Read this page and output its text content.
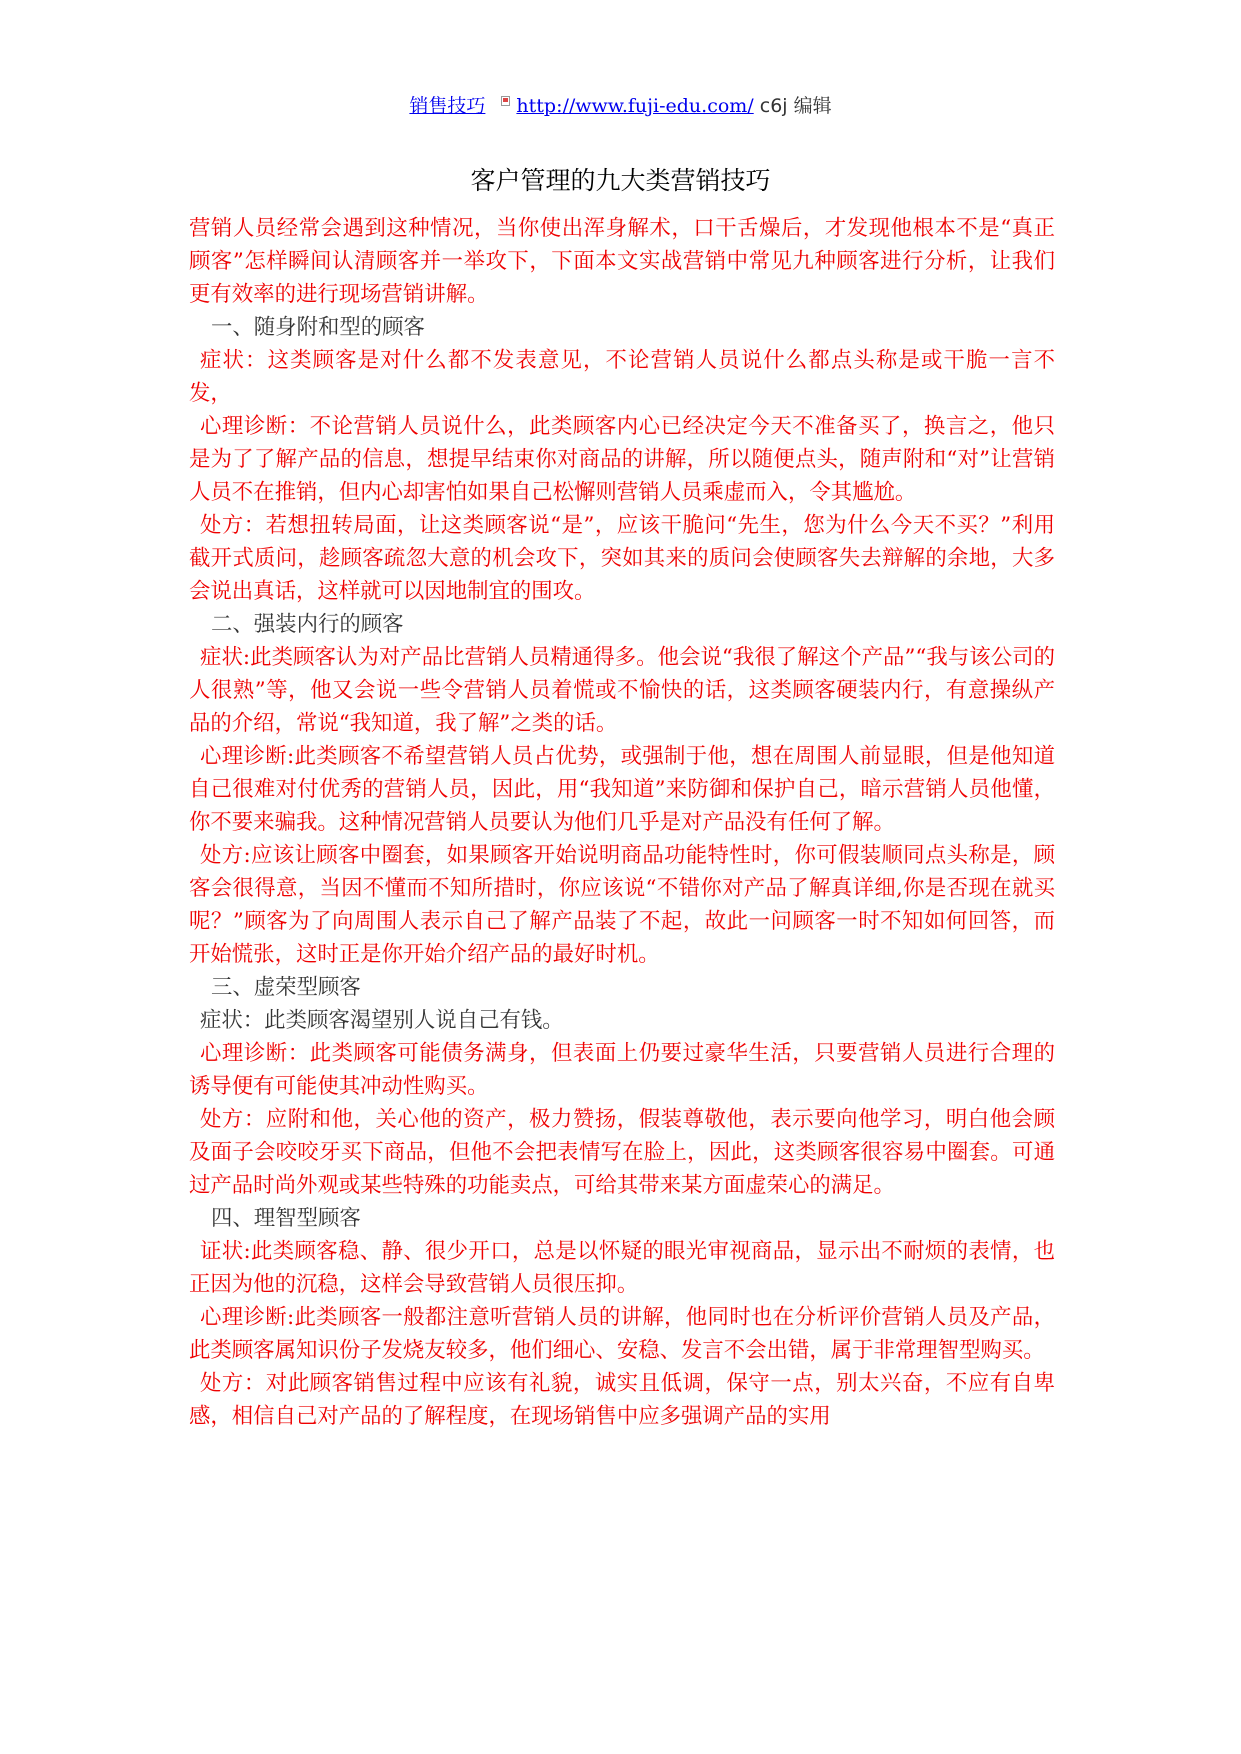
销售技巧 http://www.fuji-edu.com/ c6j 编辑
客户管理的九大类营销技巧

营销人员经常会遇到这种情况，当你使出浑身解术，口干舌燥后，才发现他根本不是“真正顾客”怎样瞬间认清顾客并一举攻下，下面本文实战营销中常见九种顾客进行分析，让我们更有效率的进行现场营销讲解。

一、随身附和型的顾客

症状：这类顾客是对什么都不发表意见，不论营销人员说什么都点头称是或干脆一言不发，

心理诊断：不论营销人员说什么，此类顾客内心已经决定今天不准备买了，换言之，他只是为了了解产品的信息，想提早结束你对商品的讲解，所以随便点头，随声附和“对”让营销人员不在推销，但内心却害怕如果自己松懈则营销人员乘虚而入，令其尴尬。

处方：若想扭转局面，让这类顾客说“是”，应该干脆问“先生，您为什么今天不买？”利用截开式质问，趁顾客疏忽大意的机会攻下，突如其来的质问会使顾客失去辩解的余地，大多会说出真话，这样就可以因地制宜的围攻。

二、强装内行的顾客

症状:此类顾客认为对产品比营销人员精通得多。他会说“我很了解这个产品”“我与该公司的人很熟”等，他又会说一些令营销人员着慌或不愉快的话，这类顾客硬装内行，有意操纵产品的介绍，常说“我知道，我了解”之类的话。

心理诊断:此类顾客不希望营销人员占优势，或强制于他，想在周围人前显眼，但是他知道自己很难对付优秀的营销人员，因此，用“我知道”来防御和保护自己，暗示营销人员他懂，你不要来骗我。这种情况营销人员要认为他们几乎是对产品没有任何了解。

处方:应该让顾客中圈套，如果顾客开始说明商品功能特性时，你可假装顺同点头称是，顾客会很得意，当因不懂而不知所措时，你应该说“不错你对产品了解真详细,你是否现在就买呢？”顾客为了向周围人表示自己了解产品装了不起，故此一问顾客一时不知如何回答，而开始慌张，这时正是你开始介绍产品的最好时机。

三、虚荣型顾客

症状：此类顾客渴望别人说自己有钱。

心理诊断：此类顾客可能债务满身，但表面上仍要过豪华生活，只要营销人员进行合理的诱导便有可能使其冲动性购买。

处方：应附和他，关心他的资产，极力赞扬，假装尊敬他，表示要向他学习，明白他会顾及面子会咬咬牙买下商品，但他不会把表情写在脸上，因此，这类顾客很容易中圈套。可通过产品时尚外观或某些特殊的功能卖点，可给其带来某方面虚荣心的满足。

四、理智型顾客

证状:此类顾客稳、静、很少开口，总是以怀疑的眼光审视商品，显示出不耐烦的表情，也正因为他的沉稳，这样会导致营销人员很压抑。

心理诊断:此类顾客一般都注意听营销人员的讲解，他同时也在分析评价营销人员及产品，此类顾客属知识份子发烧友较多，他们细心、安稳、发言不会出错，属于非常理智型购买。

处方：对此顾客销售过程中应该有礼貌，诚实且低调，保守一点，别太兴奋，不应有自卑感，相信自己对产品的了解程度，在现场销售中应多强调产品的实用
